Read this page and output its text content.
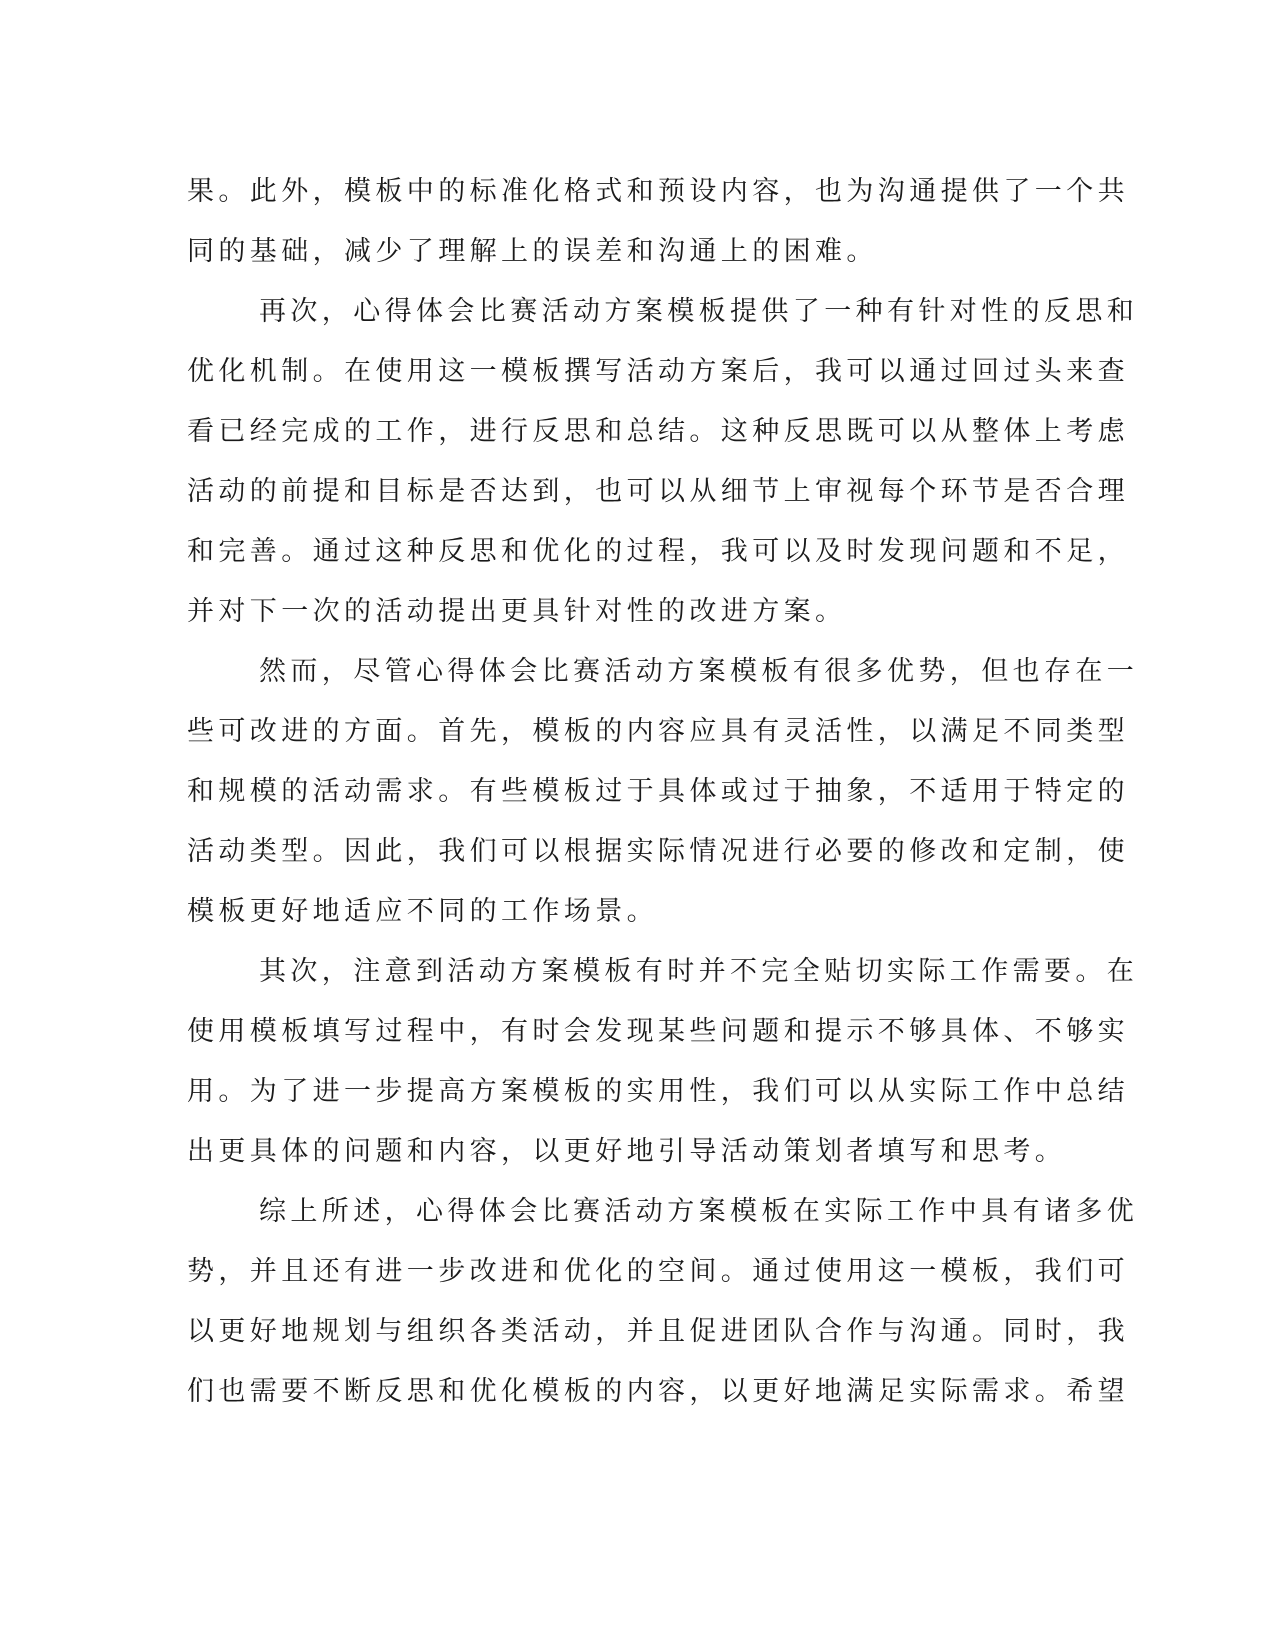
果。此外，模板中的标准化格式和预设内容，也为沟通提供了一个共
同的基础，减少了理解上的误差和沟通上的困难。
再次，心得体会比赛活动方案模板提供了一种有针对性的反思和
优化机制。在使用这一模板撰写活动方案后，我可以通过回过头来查
看已经完成的工作，进行反思和总结。这种反思既可以从整体上考虑
活动的前提和目标是否达到，也可以从细节上审视每个环节是否合理
和完善。通过这种反思和优化的过程，我可以及时发现问题和不足，
并对下一次的活动提出更具针对性的改进方案。
然而，尽管心得体会比赛活动方案模板有很多优势，但也存在一
些可改进的方面。首先，模板的内容应具有灵活性，以满足不同类型
和规模的活动需求。有些模板过于具体或过于抽象，不适用于特定的
活动类型。因此，我们可以根据实际情况进行必要的修改和定制，使
模板更好地适应不同的工作场景。
其次，注意到活动方案模板有时并不完全贴切实际工作需要。在
使用模板填写过程中，有时会发现某些问题和提示不够具体、不够实
用。为了进一步提高方案模板的实用性，我们可以从实际工作中总结
出更具体的问题和内容，以更好地引导活动策划者填写和思考。
综上所述，心得体会比赛活动方案模板在实际工作中具有诸多优
势，并且还有进一步改进和优化的空间。通过使用这一模板，我们可
以更好地规划与组织各类活动，并且促进团队合作与沟通。同时，我
们也需要不断反思和优化模板的内容，以更好地满足实际需求。希望
